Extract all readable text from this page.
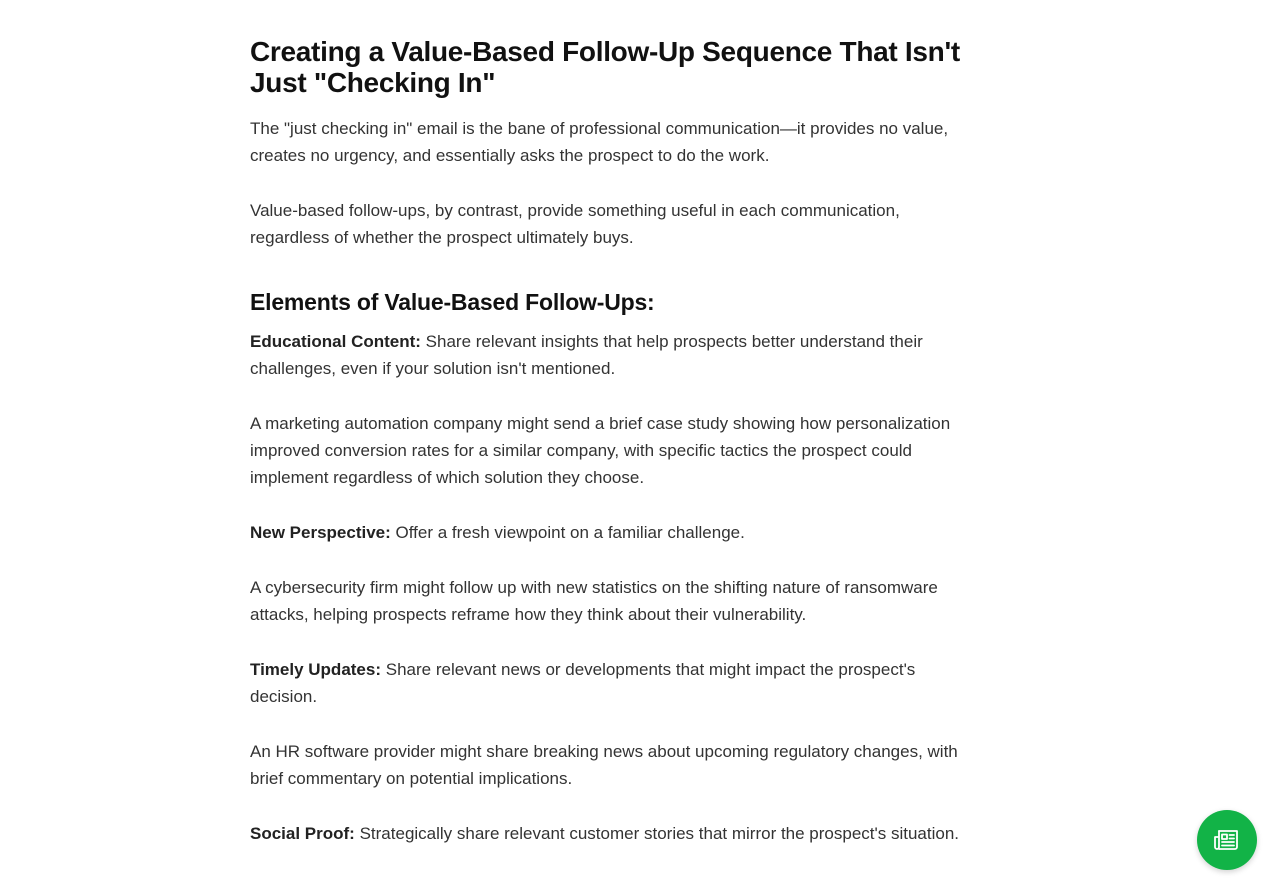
Creating a Value-Based Follow-Up Sequence That Isn't Just "Checking In"

The "just checking in" email is the bane of professional communication—it provides no value, creates no urgency, and essentially asks the prospect to do the work.

Value-based follow-ups, by contrast, provide something useful in each communication, regardless of whether the prospect ultimately buys.

Elements of Value-Based Follow-Ups:

Educational Content: Share relevant insights that help prospects better understand their challenges, even if your solution isn't mentioned.

A marketing automation company might send a brief case study showing how personalization improved conversion rates for a similar company, with specific tactics the prospect could implement regardless of which solution they choose.

New Perspective: Offer a fresh viewpoint on a familiar challenge.

A cybersecurity firm might follow up with new statistics on the shifting nature of ransomware attacks, helping prospects reframe how they think about their vulnerability.

Timely Updates: Share relevant news or developments that might impact the prospect's decision.

An HR software provider might share breaking news about upcoming regulatory changes, with brief commentary on potential implications.

Social Proof: Strategically share relevant customer stories that mirror the prospect's situation.
